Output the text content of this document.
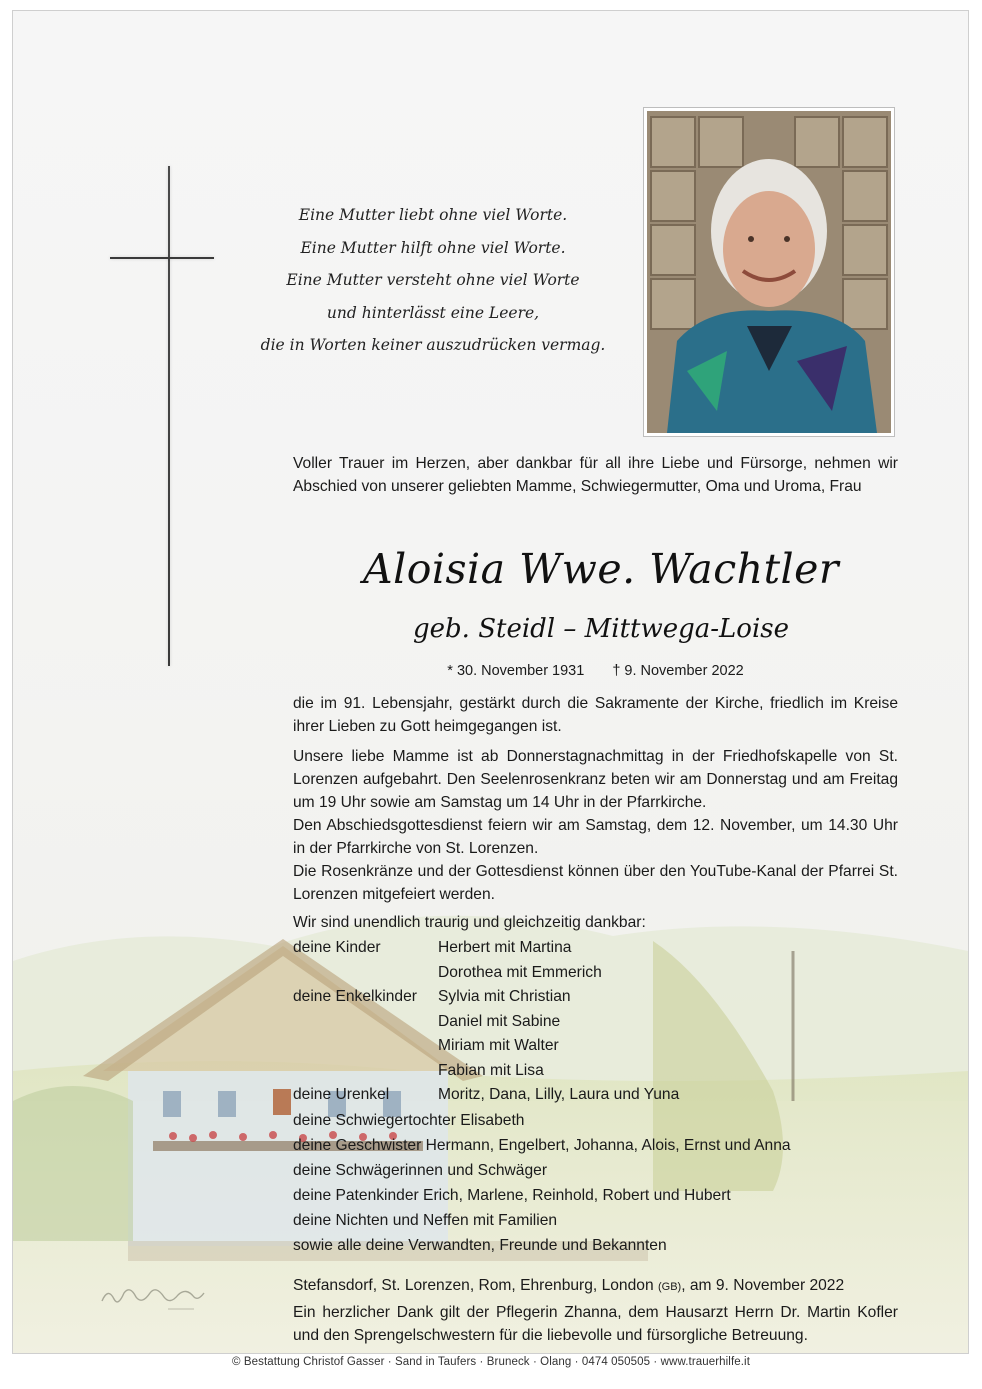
Eine Mutter liebt ohne viel Worte.
Eine Mutter hilft ohne viel Worte.
Eine Mutter versteht ohne viel Worte
und hinterlässt eine Leere,
die in Worten keiner auszudrücken vermag.
Voller Trauer im Herzen, aber dankbar für all ihre Liebe und Fürsorge, nehmen wir Abschied von unserer geliebten Mamme, Schwiegermutter, Oma und Uroma, Frau
Aloisia Wwe. Wachtler
geb. Steidl – Mittwega-Loise
* 30. November 1931 † 9. November 2022
die im 91. Lebensjahr, gestärkt durch die Sakramente der Kirche, friedlich im Kreise ihrer Lieben zu Gott heimgegangen ist.
Unsere liebe Mamme ist ab Donnerstagnachmittag in der Friedhofskapelle von St. Lorenzen aufgebahrt. Den Seelenrosenkranz beten wir am Donnerstag und am Freitag um 19 Uhr sowie am Samstag um 14 Uhr in der Pfarrkirche.
Den Abschiedsgottesdienst feiern wir am Samstag, dem 12. November, um 14.30 Uhr in der Pfarrkirche von St. Lorenzen.
Die Rosenkränze und der Gottesdienst können über den YouTube-Kanal der Pfarrei St. Lorenzen mitgefeiert werden.
Wir sind unendlich traurig und gleichzeitig dankbar:
deine Kinder	Herbert mit Martina
Dorothea mit Emmerich
deine Enkelkinder	Sylvia mit Christian
Daniel mit Sabine
Miriam mit Walter
Fabian mit Lisa
deine Urenkel	Moritz, Dana, Lilly, Laura und Yuna
deine Schwiegertochter Elisabeth
deine Geschwister Hermann, Engelbert, Johanna, Alois, Ernst und Anna
deine Schwägerinnen und Schwäger
deine Patenkinder Erich, Marlene, Reinhold, Robert und Hubert
deine Nichten und Neffen mit Familien
sowie alle deine Verwandten, Freunde und Bekannten
Stefansdorf, St. Lorenzen, Rom, Ehrenburg, London (GB), am 9. November 2022
Ein herzlicher Dank gilt der Pflegerin Zhanna, dem Hausarzt Herrn Dr. Martin Kofler und den Sprengelschwestern für die liebevolle und fürsorgliche Betreuung.
© Bestattung Christof Gasser · Sand in Taufers · Bruneck · Olang · 0474 050505 · www.trauerhilfe.it
